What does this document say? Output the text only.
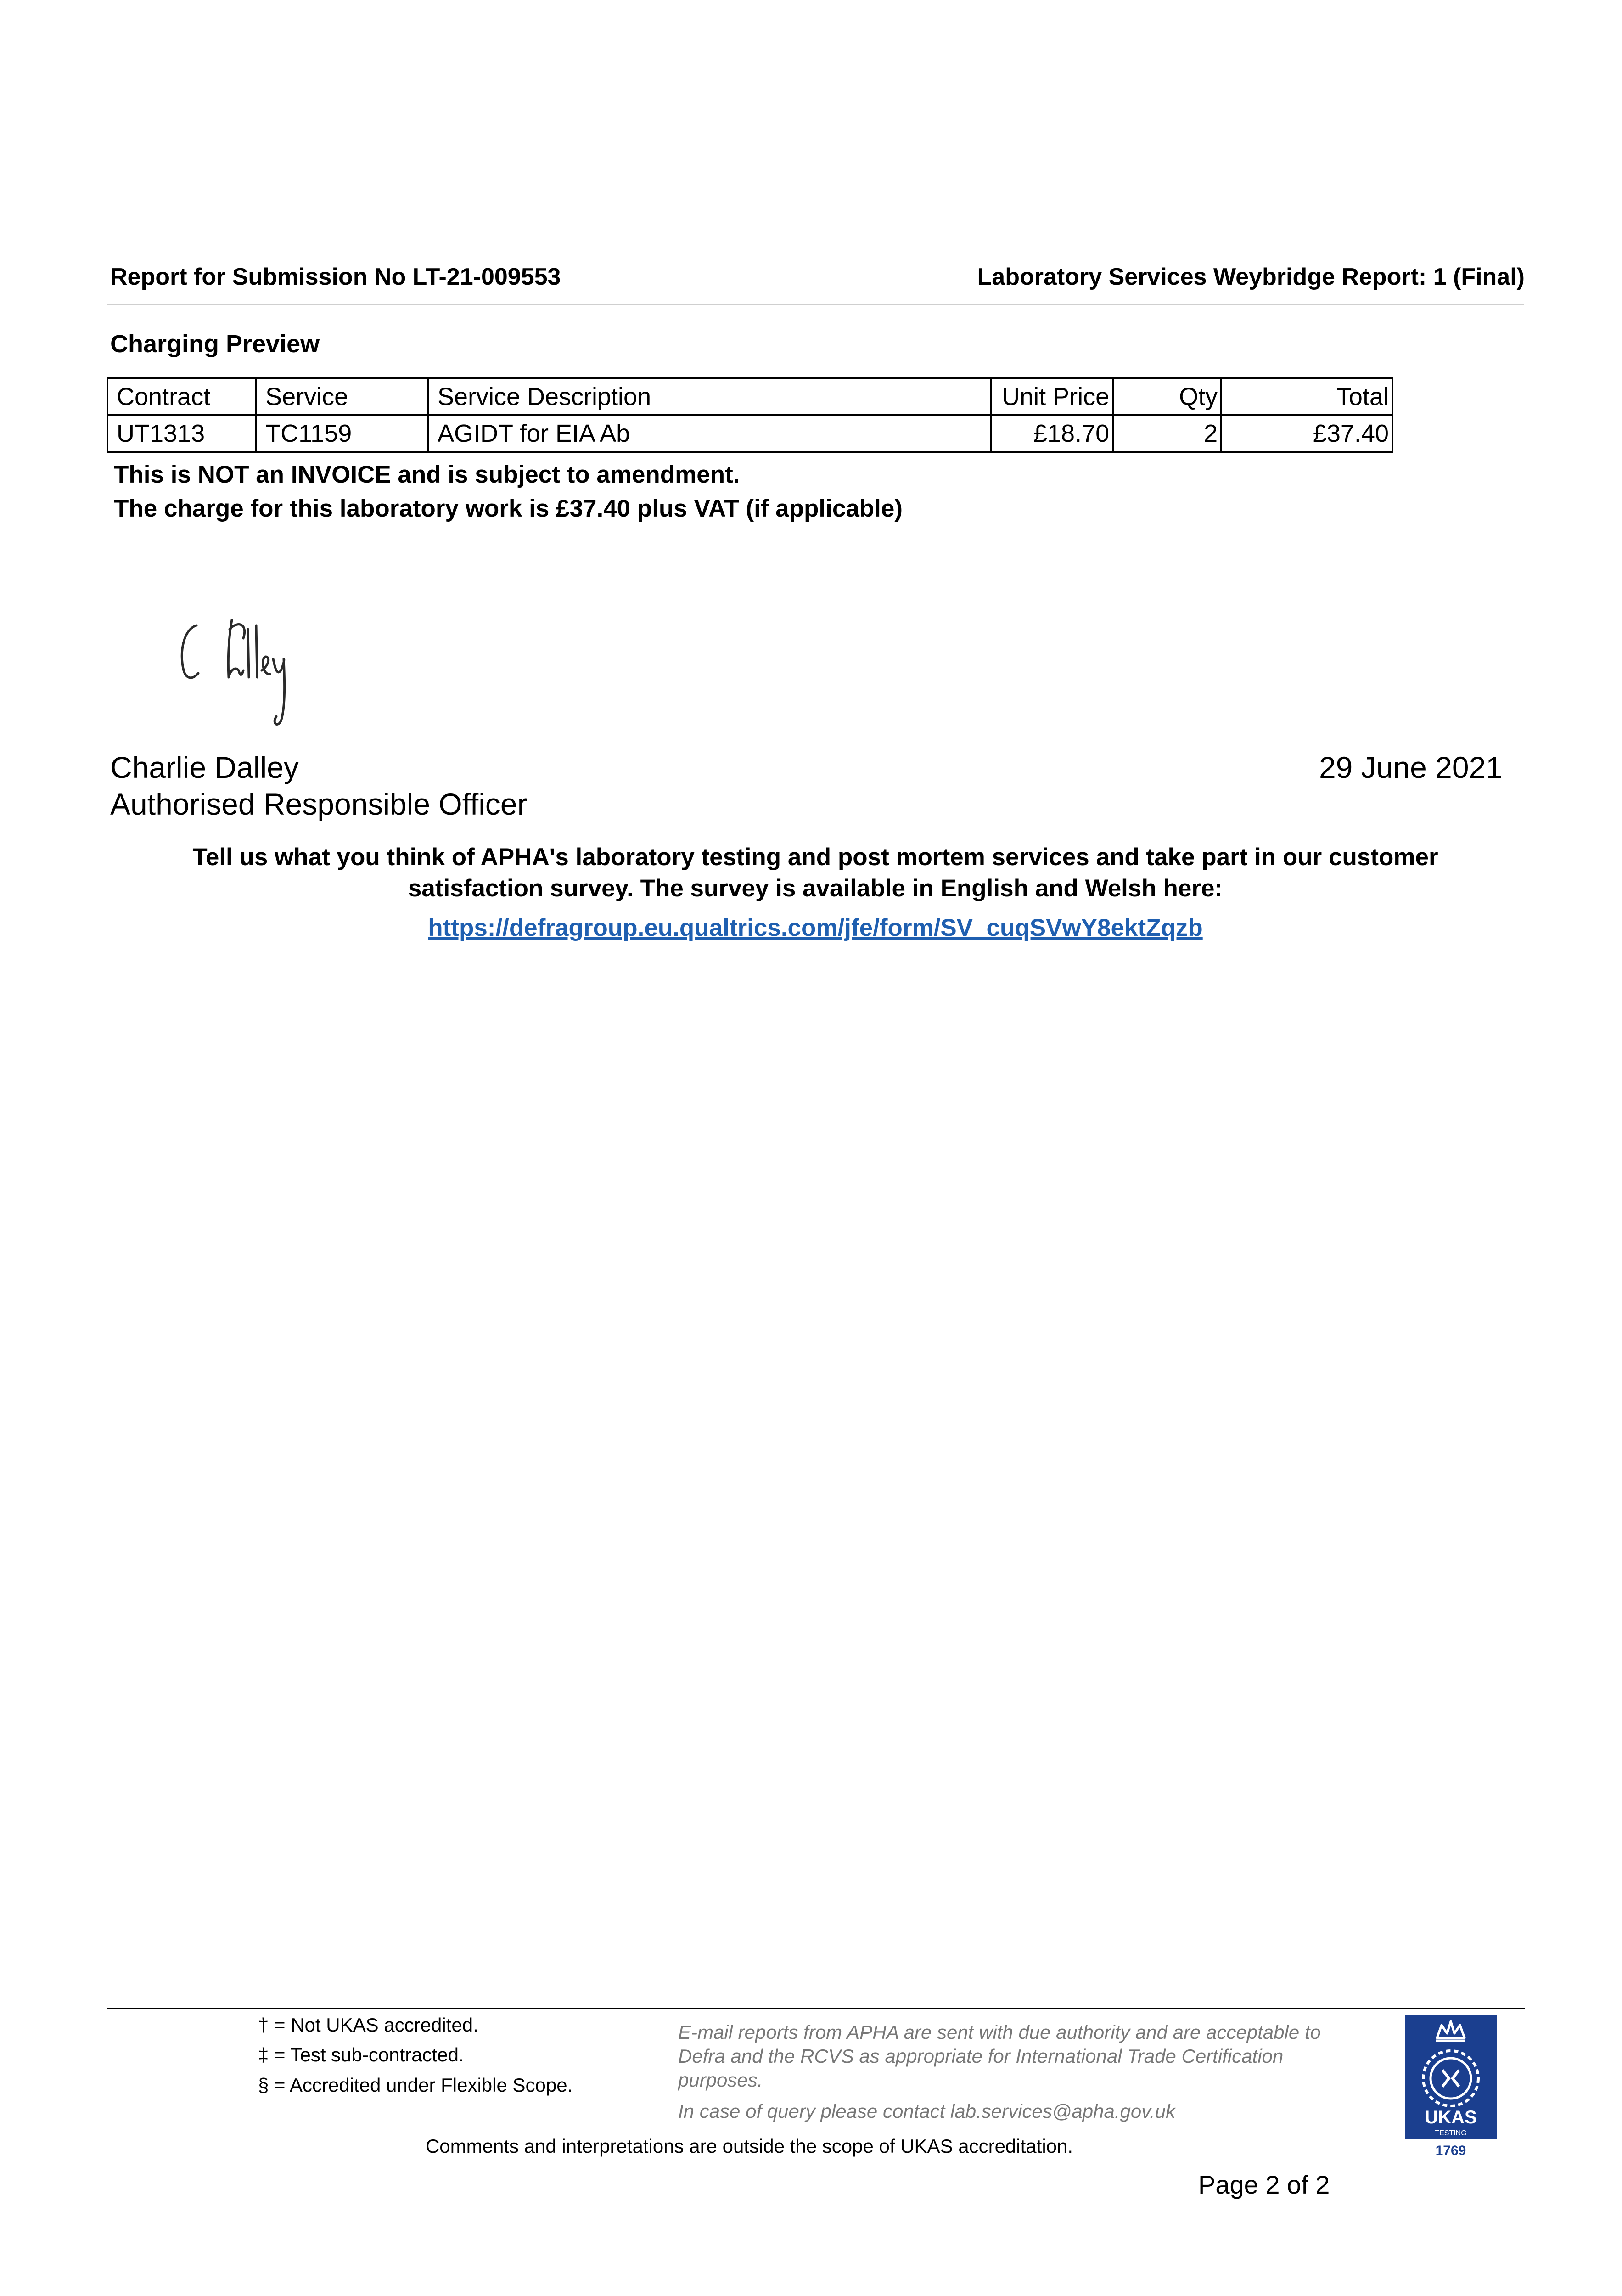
Report for Submission No LT-21-009553	Laboratory Services Weybridge Report: 1 (Final)
Charging Preview
Contract	Service	Service Description	Unit Price	Qty	Total
UT1313	TC1159	AGIDT for EIA Ab	£18.70	2	£37.40
This is NOT an INVOICE and is subject to amendment.
The charge for this laboratory work is £37.40 plus VAT (if applicable)
Charlie Dalley
Authorised Responsible Officer
29 June 2021
Tell us what you think of APHA's laboratory testing and post mortem services and take part in our customer
satisfaction survey. The survey is available in English and Welsh here:
https://defragroup.eu.qualtrics.com/jfe/form/SV_cuqSVwY8ektZqzb
† = Not UKAS accredited.
‡ = Test sub-contracted.
§ = Accredited under Flexible Scope.
E-mail reports from APHA are sent with due authority and are acceptable to Defra and the RCVS as appropriate for International Trade Certification purposes.
In case of query please contact lab.services@apha.gov.uk
Comments and interpretations are outside the scope of UKAS accreditation.
Page 2 of 2
UKAS
TESTING
1769
